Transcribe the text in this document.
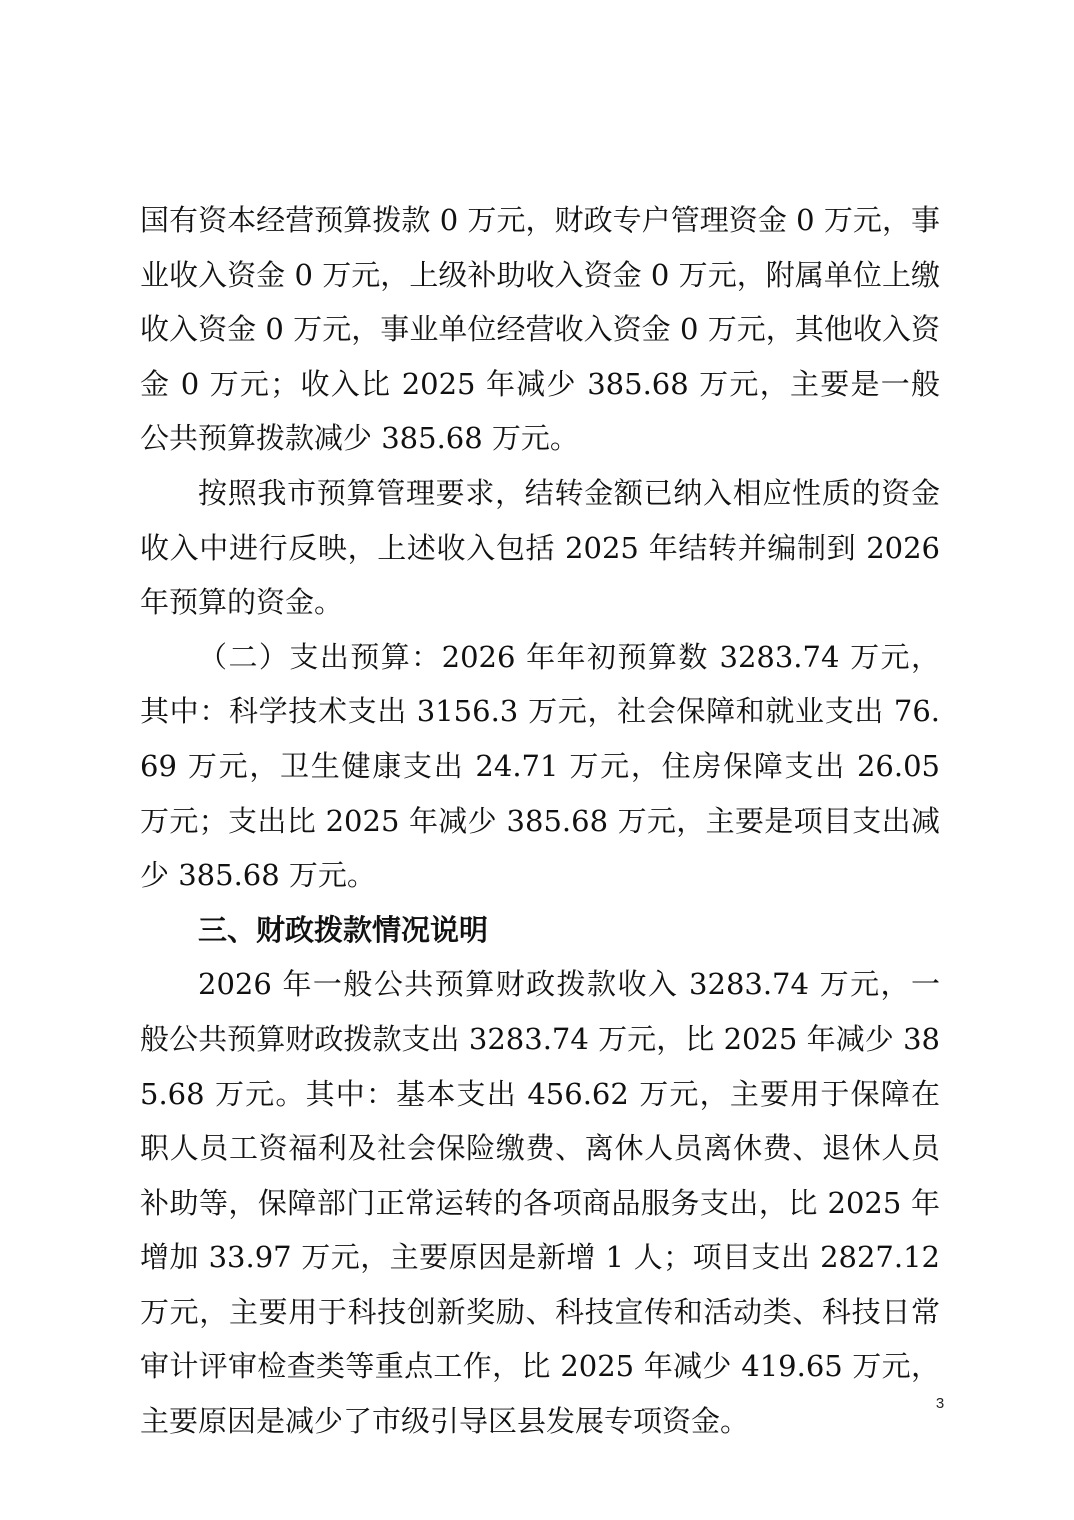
国有资本经营预算拨款 0 万元，财政专户管理资金 0 万元，事业收入资金 0 万元，上级补助收入资金 0 万元，附属单位上缴收入资金 0 万元，事业单位经营收入资金 0 万元，其他收入资金 0 万元；收入比 2025 年减少 385.68 万元，主要是一般公共预算拨款减少 385.68 万元。

按照我市预算管理要求，结转金额已纳入相应性质的资金收入中进行反映，上述收入包括 2025 年结转并编制到 2026 年预算的资金。

（二）支出预算：2026 年年初预算数 3283.74 万元，其中：科学技术支出 3156.3 万元，社会保障和就业支出 76.69 万元，卫生健康支出 24.71 万元，住房保障支出 26.05 万元；支出比 2025 年减少 385.68 万元，主要是项目支出减少 385.68 万元。

三、财政拨款情况说明

2026 年一般公共预算财政拨款收入 3283.74 万元，一般公共预算财政拨款支出 3283.74 万元，比 2025 年减少 385.68 万元。其中：基本支出 456.62 万元，主要用于保障在职人员工资福利及社会保险缴费、离休人员离休费、退休人员补助等，保障部门正常运转的各项商品服务支出，比 2025 年增加 33.97 万元，主要原因是新增 1 人；项目支出 2827.12 万元，主要用于科技创新奖励、科技宣传和活动类、科技日常审计评审检查类等重点工作，比 2025 年减少 419.65 万元，主要原因是减少了市级引导区县发展专项资金。

3
